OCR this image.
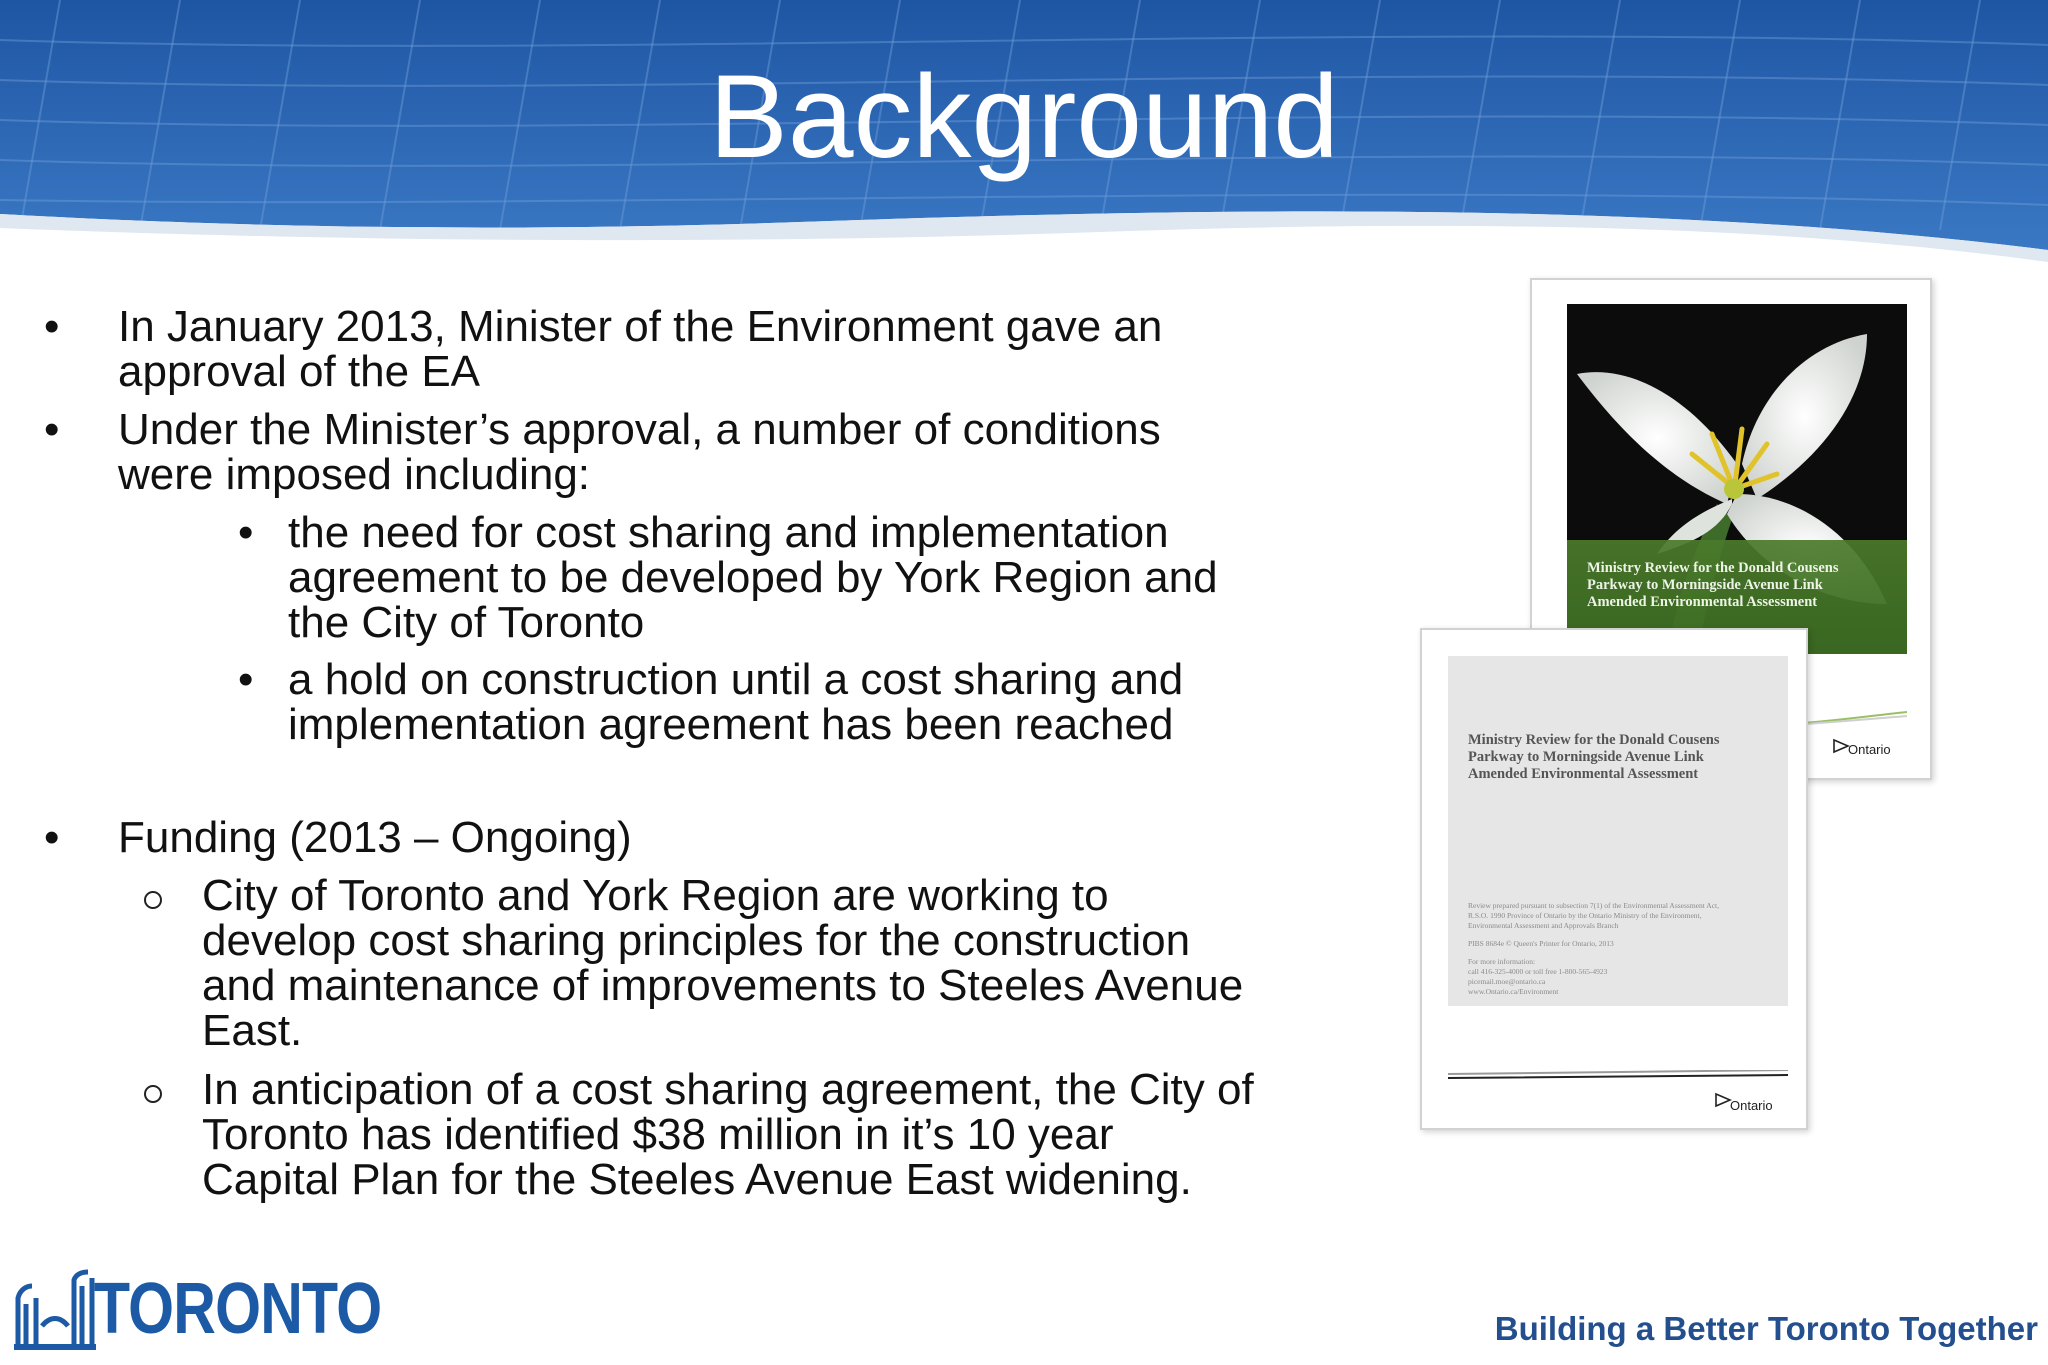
Background
• In January 2013, Minister of the Environment gave an
approval of the EA
• Under the Minister’s approval, a number of conditions
were imposed including:
• the need for cost sharing and implementation
agreement to be developed by York Region and
the City of Toronto
• a hold on construction until a cost sharing and
implementation agreement has been reached
• Funding (2013 – Ongoing)
City of Toronto and York Region are working to
develop cost sharing principles for the construction
and maintenance of improvements to Steeles Avenue
East.
In anticipation of a cost sharing agreement, the City of
Toronto has identified $38 million in it’s 10 year
Capital Plan for the Steeles Avenue East widening.
Ministry Review for the Donald Cousens
Parkway to Morningside Avenue Link
Amended Environmental Assessment
Ontario
Ministry Review for the Donald Cousens
Parkway to Morningside Avenue Link
Amended Environmental Assessment
Review prepared pursuant to subsection 7(1) of the Environmental Assessment Act,
R.S.O. 1990 Province of Ontario by the Ontario Ministry of the Environment,
Environmental Assessment and Approvals Branch
PIBS 8684e © Queen's Printer for Ontario, 2013
For more information:
call 416-325-4000 or toll free 1-800-565-4923
picemail.moe@ontario.ca
www.Ontario.ca/Environment
Ontario
TORONTO	Building a Better Toronto Together
